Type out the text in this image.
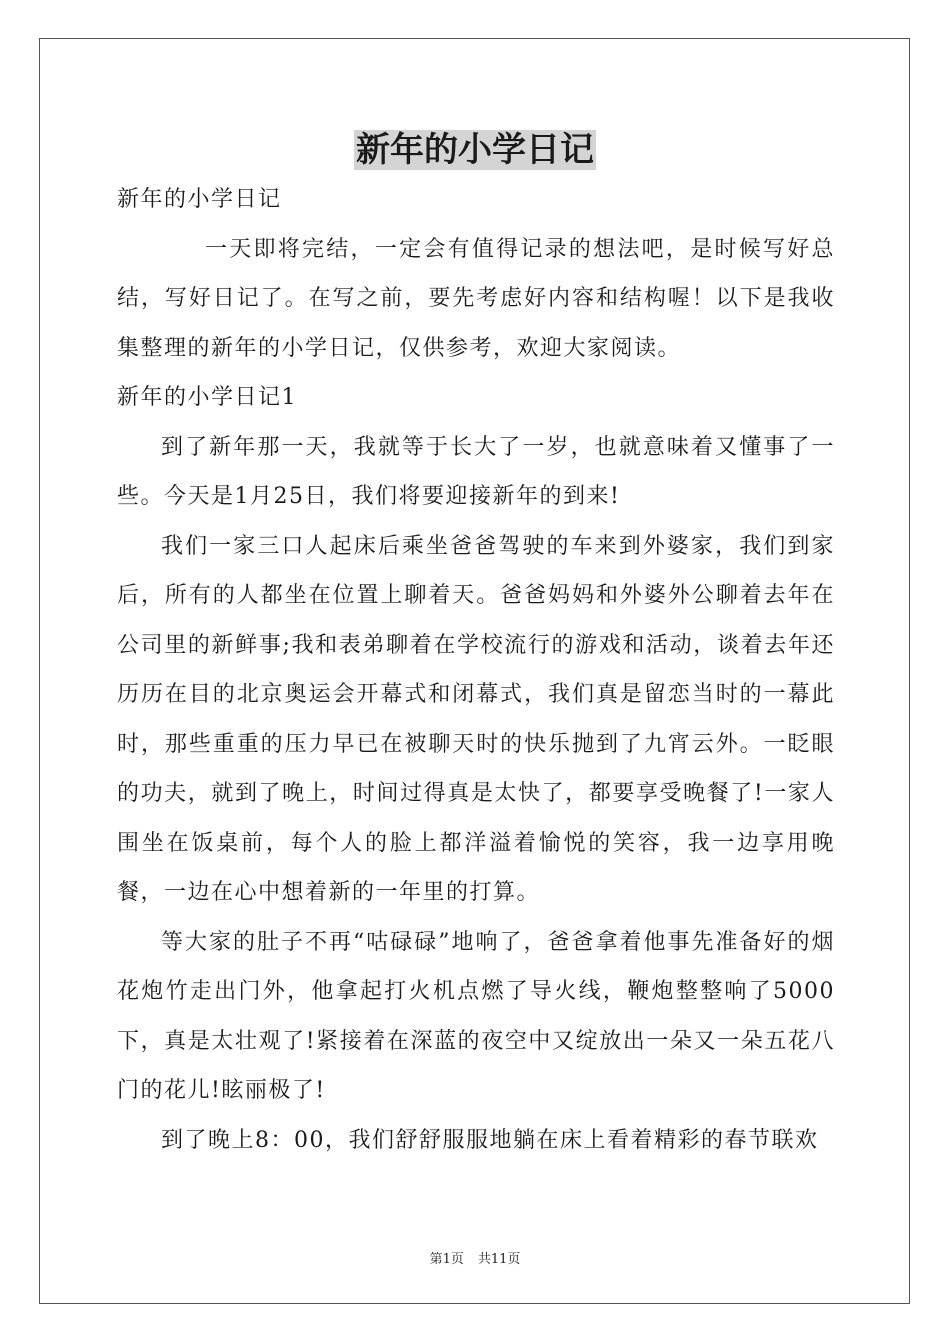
新年的小学日记

新年的小学日记

一天即将完结，一定会有值得记录的想法吧，是时候写好总结，写好日记了。在写之前，要先考虑好内容和结构喔！以下是我收集整理的新年的小学日记，仅供参考，欢迎大家阅读。

新年的小学日记1

到了新年那一天，我就等于长大了一岁，也就意味着又懂事了一些。今天是1月25日，我们将要迎接新年的到来!

我们一家三口人起床后乘坐爸爸驾驶的车来到外婆家，我们到家后，所有的人都坐在位置上聊着天。爸爸妈妈和外婆外公聊着去年在公司里的新鲜事;我和表弟聊着在学校流行的游戏和活动，谈着去年还历历在目的北京奥运会开幕式和闭幕式，我们真是留恋当时的一幕此时，那些重重的压力早已在被聊天时的快乐抛到了九宵云外。一眨眼的功夫，就到了晚上，时间过得真是太快了，都要享受晚餐了!一家人围坐在饭桌前，每个人的脸上都洋溢着愉悦的笑容，我一边享用晚餐，一边在心中想着新的一年里的打算。

等大家的肚子不再“咕碌碌”地响了，爸爸拿着他事先准备好的烟花炮竹走出门外，他拿起打火机点燃了导火线，鞭炮整整响了5000下，真是太壮观了!紧接着在深蓝的夜空中又绽放出一朵又一朵五花八门的花儿!眩丽极了!

到了晚上8：00，我们舒舒服服地躺在床上看着精彩的春节联欢

第1页 共11页
